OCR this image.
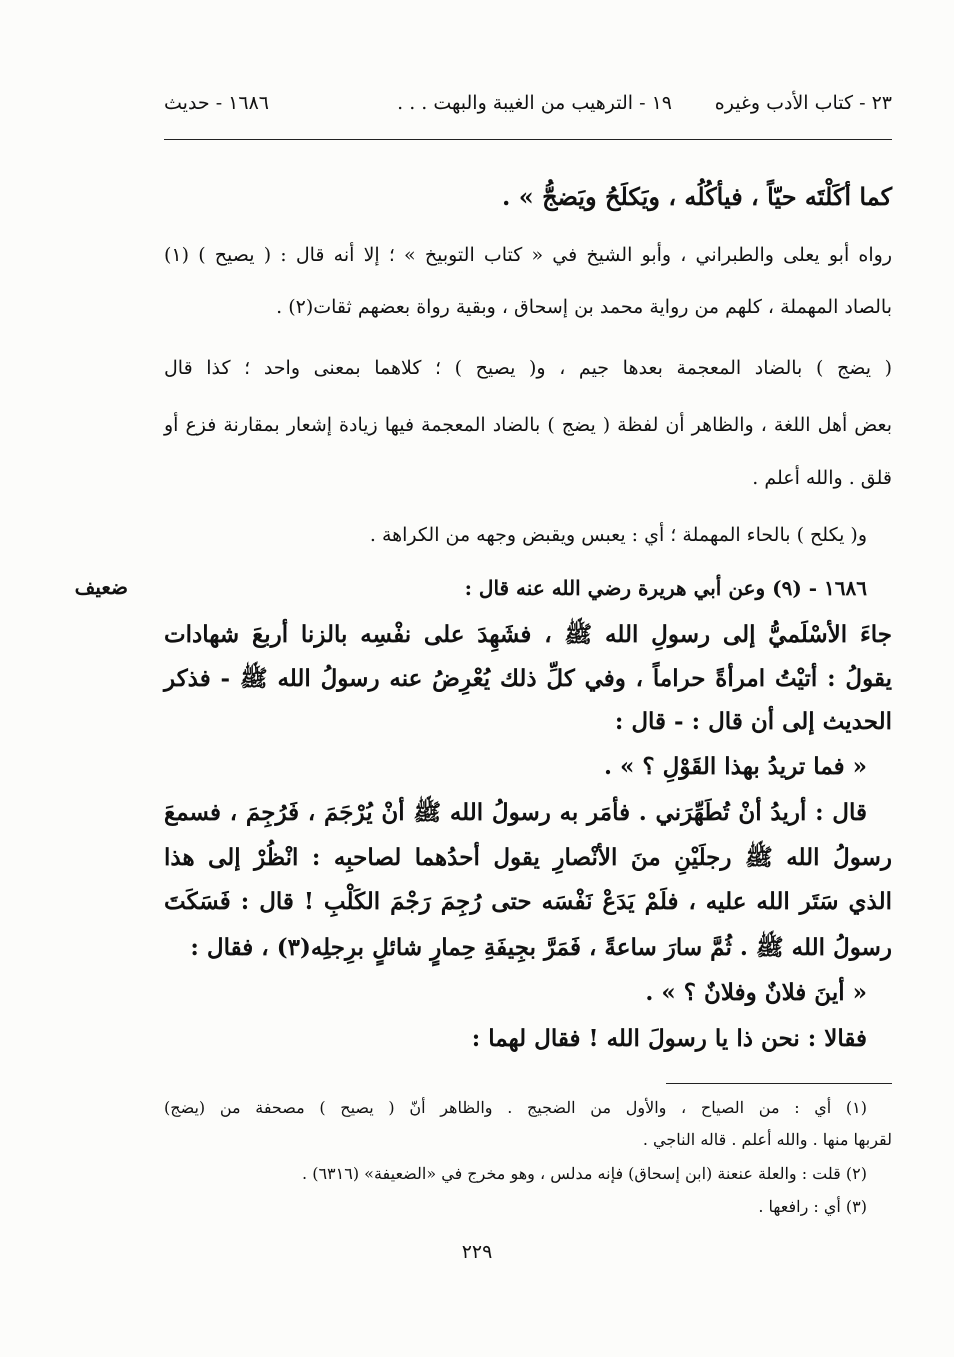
٢٣ - كتاب الأدب وغيره
١٩ - الترهيب من الغيبة والبهت . . .
١٦٨٦ - حديث
كما أكَلْتَه حيّاً ، فيأكُلُه ، ويَكلَحُ ويَضجُّ » .
رواه أبو يعلى والطبراني ، وأبو الشيخ في « كتاب التوبيخ » ؛ إلا أنه قال : ( يصيح ) (١)
بالصاد المهملة ، كلهم من رواية محمد بن إسحاق ، وبقية رواة بعضهم ثقات(٢) .
( يضج ) بالضاد المعجمة بعدها جيم ، و( يصيح ) ؛ كلاهما بمعنى واحد ؛ كذا قال
بعض أهل اللغة ، والظاهر أن لفظة ( يضج ) بالضاد المعجمة فيها زيادة إشعار بمقارنة فزع أو
قلق . والله أعلم .
و( يكلح ) بالحاء المهملة ؛ أي : يعبس ويقبض وجهه من الكراهة .
ضعيف	١٦٨٦ - (٩) وعن أبي هريرة رضي الله عنه قال :
جاءَ الأسْلَميُّ إلى رسولِ الله ﷺ ، فشَهِدَ على نفْسِه بالزنا أربعَ شهادات
يقولُ : أتيْتُ امرأةً حراماً ، وفي كلِّ ذلك يُعْرِضُ عنه رسولُ الله ﷺ - فذكر
الحديث إلى أن قال : - قال :
« فما تريدُ بهذا القَوْلِ ؟ » .
قال : أريدُ أنْ تُطَهِّرَني . فأمَر به رسولُ الله ﷺ أنْ يُرْجَمَ ، فَرُجِمَ ، فسمعَ
رسولُ الله ﷺ رجلَيْنِ منَ الأنْصارِ يقول أحدُهما لصاحبِه : انْظُرْ إلى هذا
الذي سَتَر الله عليه ، فلَمْ يَدَعْ نَفْسَه حتى رُجِمَ رَجْمَ الكَلْبِ ! قال : فَسَكَتَ
رسولُ الله ﷺ . ثُمَّ سارَ ساعةً ، فَمَرَّ بجِيفَةِ حِمارٍ شائلٍ برِجلِه(٣) ، فقال :
« أينَ فلانٌ وفلانٌ ؟ » .
فقالا : نحن ذا يا رسولَ الله ! فقال لهما :
(١) أي : من الصياح ، والأول من الضجيج . والظاهر أنّ ( يصيح ) مصحفة من (يضج)
لقربها منها . والله أعلم . قاله الناجي .
(٢) قلت : والعلة عنعنة (ابن إسحاق) فإنه مدلس ، وهو مخرج في «الضعيفة» (٦٣١٦) .
(٣) أي : رافعها .
٢٢٩
